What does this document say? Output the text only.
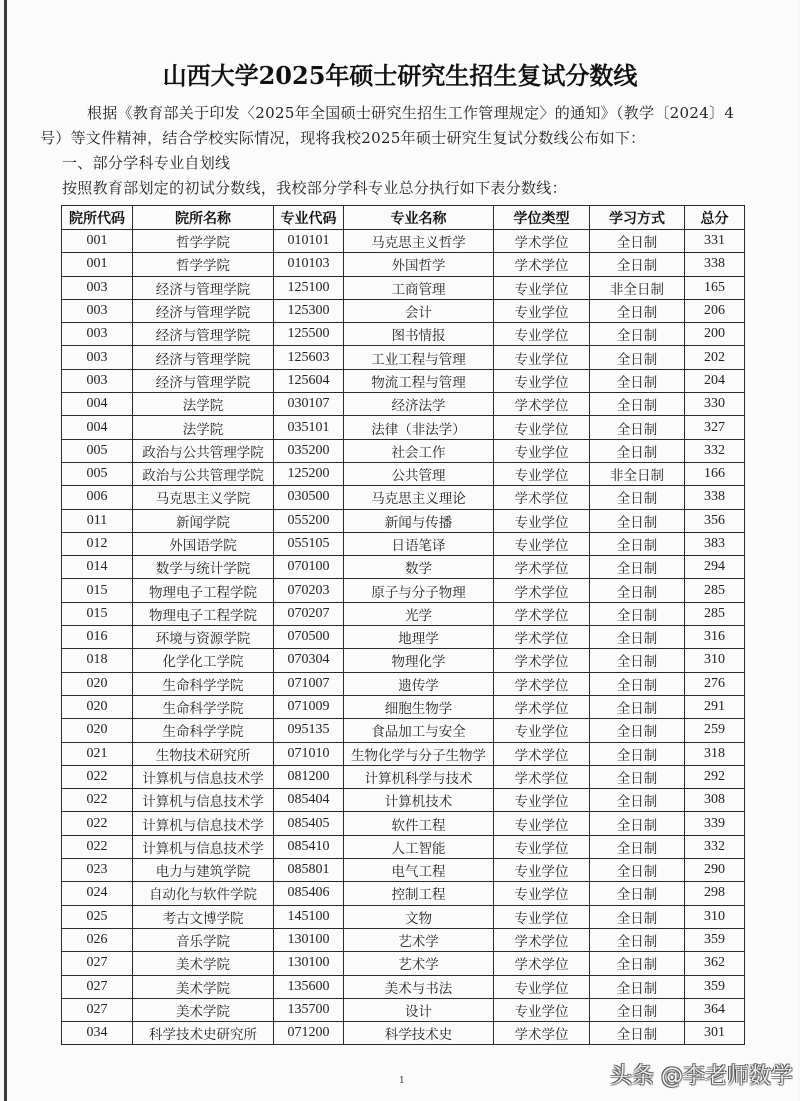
山西大学2025年硕士研究生招生复试分数线
根据《教育部关于印发〈2025年全国硕士研究生招生工作管理规定〉的通知》（教学〔2024〕4
号）等文件精神，结合学校实际情况，现将我校2025年硕士研究生复试分数线公布如下：
一、部分学科专业自划线
按照教育部划定的初试分数线，我校部分学科专业总分执行如下表分数线：
院所代码	院所名称	专业代码	专业名称	学位类型	学习方式	总分
001	哲学学院	010101	马克思主义哲学	学术学位	全日制	331
001	哲学学院	010103	外国哲学	学术学位	全日制	338
003	经济与管理学院	125100	工商管理	专业学位	非全日制	165
003	经济与管理学院	125300	会计	专业学位	全日制	206
003	经济与管理学院	125500	图书情报	专业学位	全日制	200
003	经济与管理学院	125603	工业工程与管理	专业学位	全日制	202
003	经济与管理学院	125604	物流工程与管理	专业学位	全日制	204
004	法学院	030107	经济法学	学术学位	全日制	330
004	法学院	035101	法律（非法学）	专业学位	全日制	327
005	政治与公共管理学院	035200	社会工作	专业学位	全日制	332
005	政治与公共管理学院	125200	公共管理	专业学位	非全日制	166
006	马克思主义学院	030500	马克思主义理论	学术学位	全日制	338
011	新闻学院	055200	新闻与传播	专业学位	全日制	356
012	外国语学院	055105	日语笔译	专业学位	全日制	383
014	数学与统计学院	070100	数学	学术学位	全日制	294
015	物理电子工程学院	070203	原子与分子物理	学术学位	全日制	285
015	物理电子工程学院	070207	光学	学术学位	全日制	285
016	环境与资源学院	070500	地理学	学术学位	全日制	316
018	化学化工学院	070304	物理化学	学术学位	全日制	310
020	生命科学学院	071007	遗传学	学术学位	全日制	276
020	生命科学学院	071009	细胞生物学	学术学位	全日制	291
020	生命科学学院	095135	食品加工与安全	专业学位	全日制	259
021	生物技术研究所	071010	生物化学与分子生物学	学术学位	全日制	318
022	计算机与信息技术学	081200	计算机科学与技术	学术学位	全日制	292
022	计算机与信息技术学	085404	计算机技术	专业学位	全日制	308
022	计算机与信息技术学	085405	软件工程	专业学位	全日制	339
022	计算机与信息技术学	085410	人工智能	专业学位	全日制	332
023	电力与建筑学院	085801	电气工程	专业学位	全日制	290
024	自动化与软件学院	085406	控制工程	专业学位	全日制	298
025	考古文博学院	145100	文物	专业学位	全日制	310
026	音乐学院	130100	艺术学	学术学位	全日制	359
027	美术学院	130100	艺术学	学术学位	全日制	362
027	美术学院	135600	美术与书法	专业学位	全日制	359
027	美术学院	135700	设计	专业学位	全日制	364
034	科学技术史研究所	071200	科学技术史	学术学位	全日制	301
1	头条 @李老师数学
